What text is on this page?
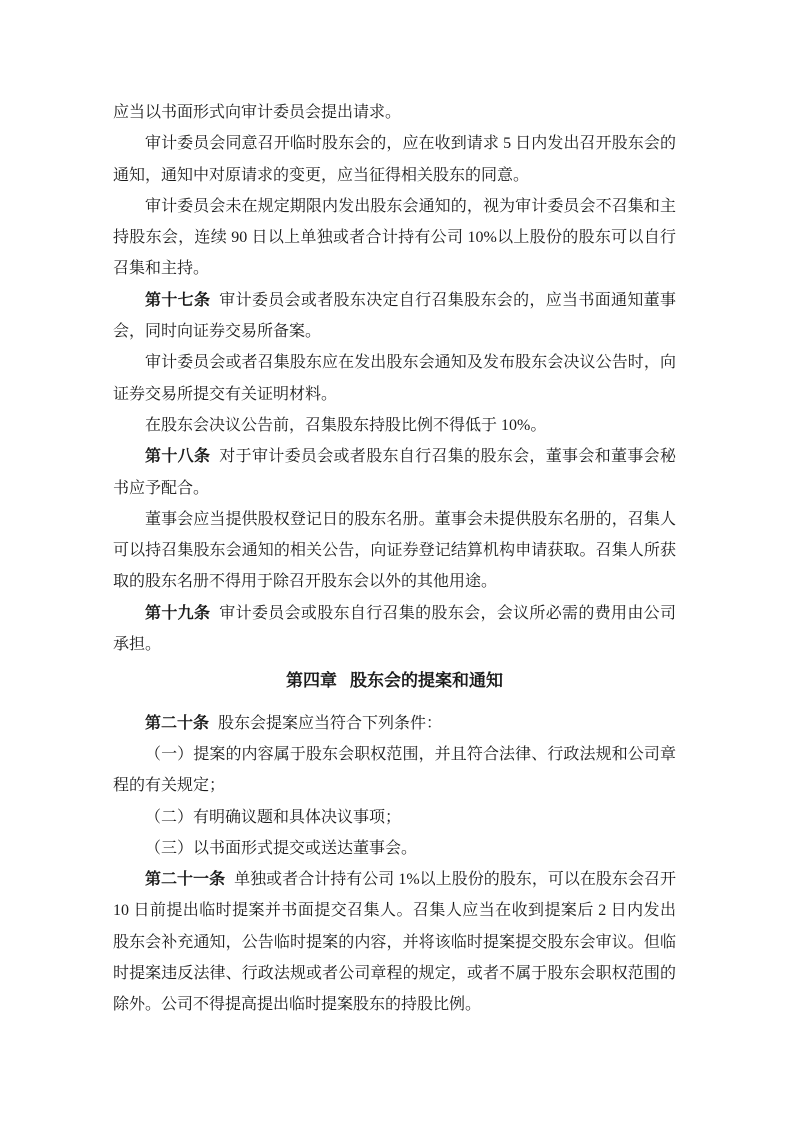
应当以书面形式向审计委员会提出请求。

审计委员会同意召开临时股东会的，应在收到请求 5 日内发出召开股东会的通知，通知中对原请求的变更，应当征得相关股东的同意。

审计委员会未在规定期限内发出股东会通知的，视为审计委员会不召集和主持股东会，连续 90 日以上单独或者合计持有公司 10%以上股份的股东可以自行召集和主持。

第十七条 审计委员会或者股东决定自行召集股东会的，应当书面通知董事会，同时向证券交易所备案。

审计委员会或者召集股东应在发出股东会通知及发布股东会决议公告时，向证券交易所提交有关证明材料。

在股东会决议公告前，召集股东持股比例不得低于 10%。

第十八条 对于审计委员会或者股东自行召集的股东会，董事会和董事会秘书应予配合。

董事会应当提供股权登记日的股东名册。董事会未提供股东名册的，召集人可以持召集股东会通知的相关公告，向证券登记结算机构申请获取。召集人所获取的股东名册不得用于除召开股东会以外的其他用途。

第十九条 审计委员会或股东自行召集的股东会，会议所必需的费用由公司承担。

第四章 股东会的提案和通知

第二十条 股东会提案应当符合下列条件：

（一）提案的内容属于股东会职权范围，并且符合法律、行政法规和公司章程的有关规定；

（二）有明确议题和具体决议事项；

（三）以书面形式提交或送达董事会。

第二十一条 单独或者合计持有公司 1%以上股份的股东，可以在股东会召开 10 日前提出临时提案并书面提交召集人。召集人应当在收到提案后 2 日内发出股东会补充通知，公告临时提案的内容，并将该临时提案提交股东会审议。但临时提案违反法律、行政法规或者公司章程的规定，或者不属于股东会职权范围的除外。公司不得提高提出临时提案股东的持股比例。
